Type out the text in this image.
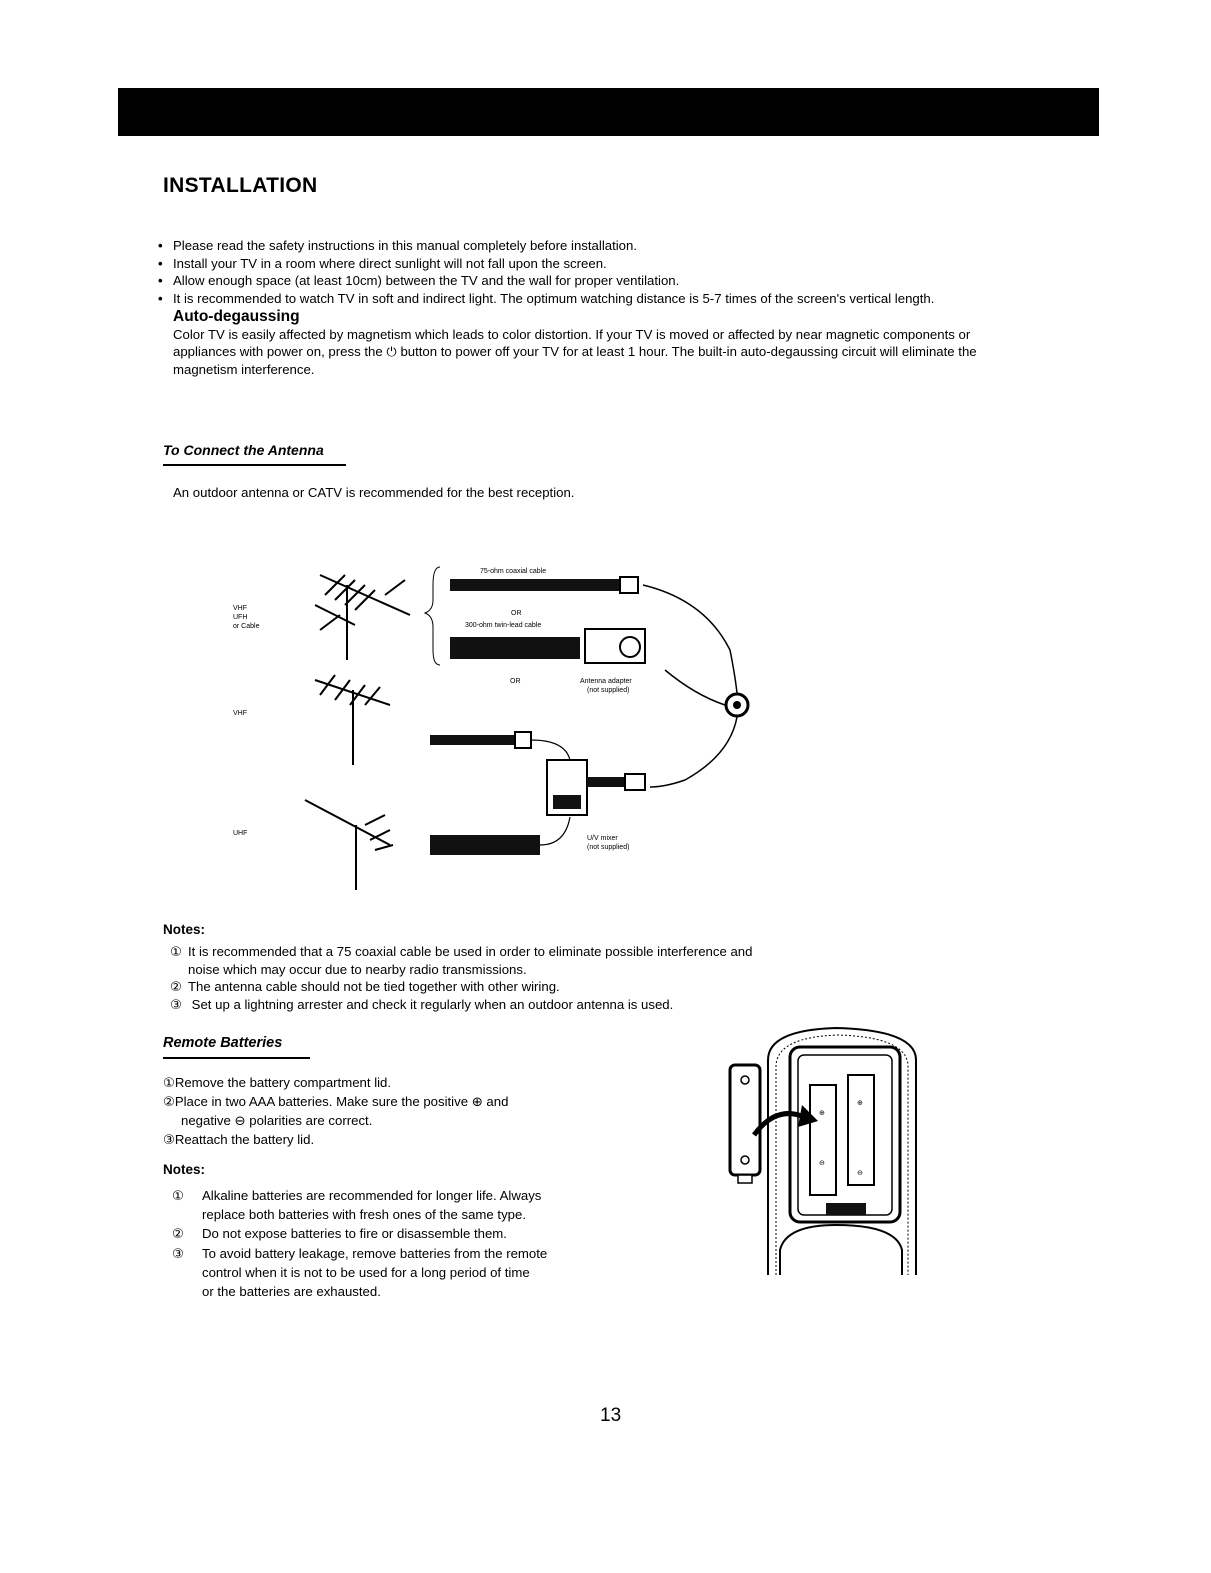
INSTALLATION
• Please read the safety instructions in this manual completely before installation.
• Install your TV in a room where direct sunlight will not fall upon the screen.
• Allow enough space (at least 10cm) between the TV and the wall for proper ventilation.
• It is recommended to watch TV in soft and indirect light. The optimum watching distance is 5-7 times of the screen's vertical length.
Auto-degaussing
Color TV is easily affected by magnetism which leads to color distortion. If your TV is moved or affected by near magnetic components or appliances with power on, press the ⏻ button to power off your TV for at least 1 hour. The built-in auto-degaussing circuit will eliminate the magnetism interference.
To Connect the Antenna
An outdoor antenna or CATV is recommended for the best reception.
VHF
UFH
or Cable
VHF
UHF
75-ohm coaxial cable
OR
300-ohm twin-lead cable
OR	Antenna adapter
(not supplied)
U/V mixer
(not supplied)
Notes:
① It is recommended that a 75 coaxial cable be used in order to eliminate possible interference and
noise which may occur due to nearby radio transmissions.
② The antenna cable should not be tied together with other wiring.
③ Set up a lightning arrester and check it regularly when an outdoor antenna is used.
Remote Batteries
①Remove the battery compartment lid.
②Place in two AAA batteries. Make sure the positive ⊕ and
negative ⊖ polarities are correct.
③Reattach the battery lid.
Notes:
① Alkaline batteries are recommended for longer life. Always
replace both batteries with fresh ones of the same type.
② Do not expose batteries to fire or disassemble them.
③ To avoid battery leakage, remove batteries from the remote
control when it is not to be used for a long period of time
or the batteries are exhausted.
⊕
⊖
⊕
⊖
13
